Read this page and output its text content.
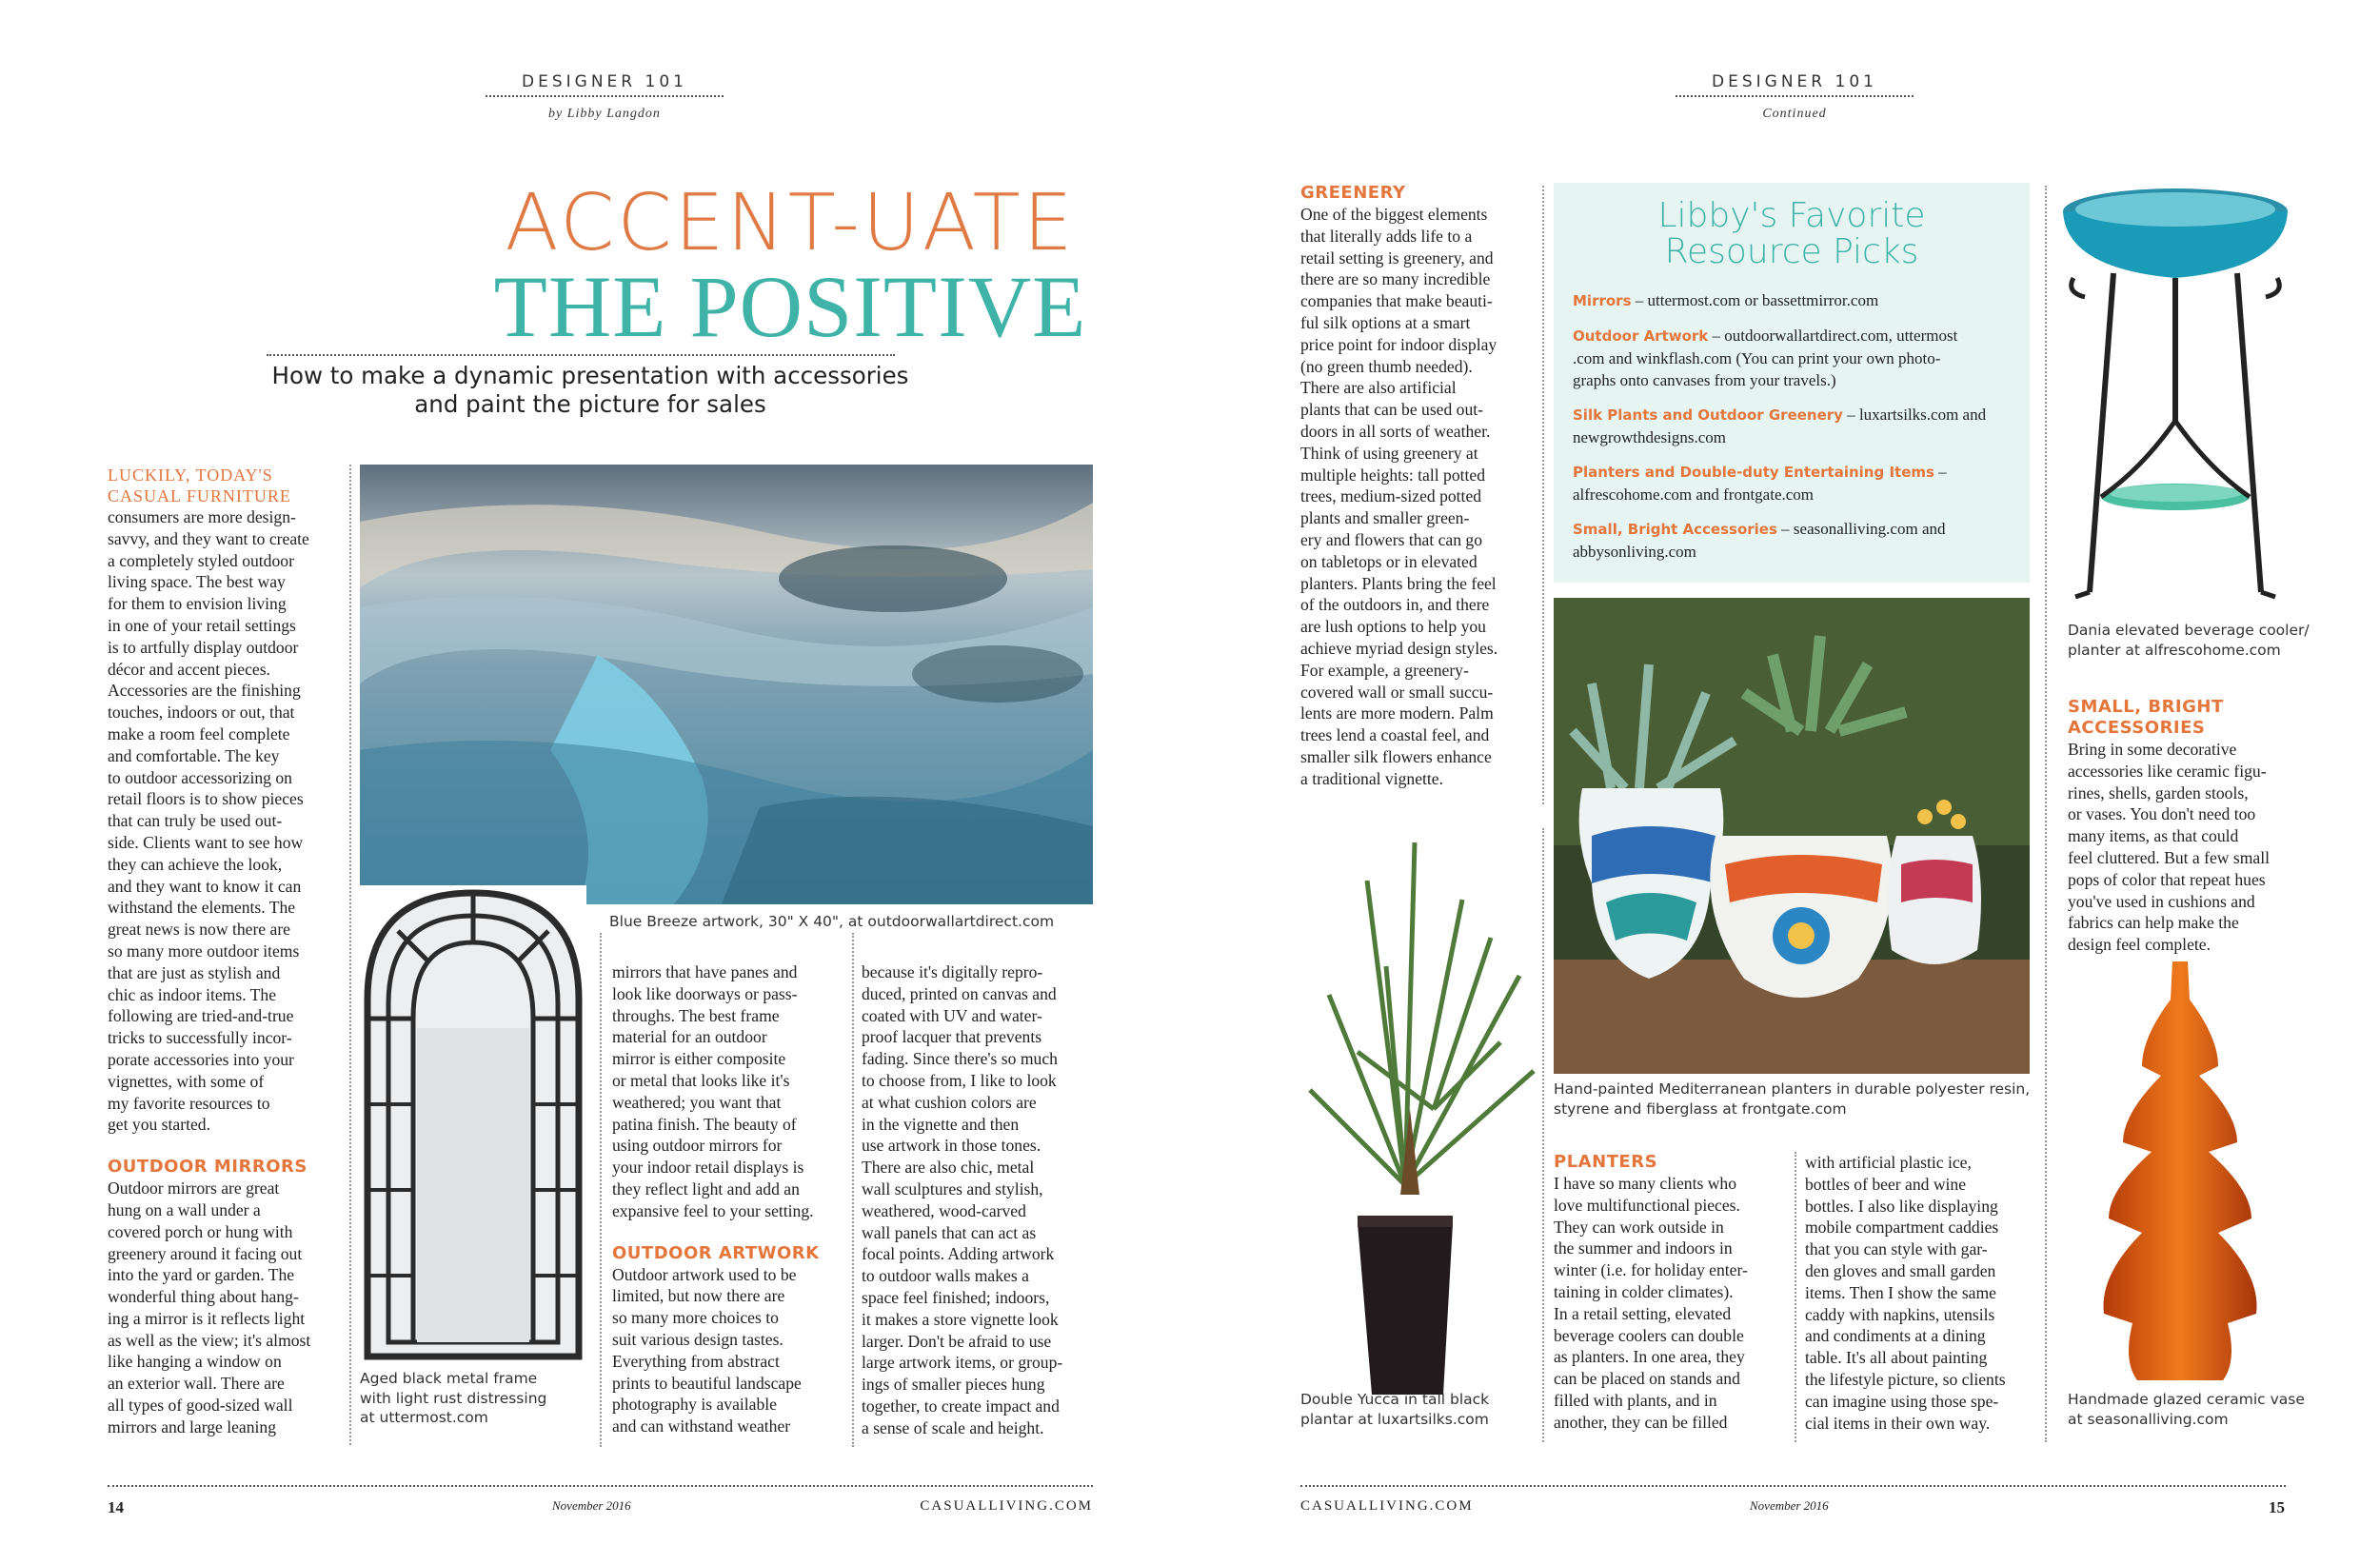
DESIGNER 101
by Libby Langdon
ACCENT-UATE
THE POSITIVE
How to make a dynamic presentation with accessories
and paint the picture for sales
LUCKILY, TODAY'S
CASUAL FURNITURE
consumers are more design-
savvy, and they want to create
a completely styled outdoor
living space. The best way
for them to envision living
in one of your retail settings
is to artfully display outdoor
décor and accent pieces.
Accessories are the finishing
touches, indoors or out, that
make a room feel complete
and comfortable. The key
to outdoor accessorizing on
retail floors is to show pieces
that can truly be used out-
side. Clients want to see how
they can achieve the look,
and they want to know it can
withstand the elements. The
great news is now there are
so many more outdoor items
that are just as stylish and
chic as indoor items. The
following are tried-and-true
tricks to successfully incor-
porate accessories into your
vignettes, with some of
my favorite resources to
get you started.
OUTDOOR MIRRORS
Outdoor mirrors are great
hung on a wall under a
covered porch or hung with
greenery around it facing out
into the yard or garden. The
wonderful thing about hang-
ing a mirror is it reflects light
as well as the view; it's almost
like hanging a window on
an exterior wall. There are
all types of good-sized wall
mirrors and large leaning
Blue Breeze artwork, 30" X 40", at outdoorwallartdirect.com
Aged black metal frame
with light rust distressing
at uttermost.com
mirrors that have panes and
look like doorways or pass-
throughs. The best frame
material for an outdoor
mirror is either composite
or metal that looks like it's
weathered; you want that
patina finish. The beauty of
using outdoor mirrors for
your indoor retail displays is
they reflect light and add an
expansive feel to your setting.
OUTDOOR ARTWORK
Outdoor artwork used to be
limited, but now there are
so many more choices to
suit various design tastes.
Everything from abstract
prints to beautiful landscape
photography is available
and can withstand weather
because it's digitally repro-
duced, printed on canvas and
coated with UV and water-
proof lacquer that prevents
fading. Since there's so much
to choose from, I like to look
at what cushion colors are
in the vignette and then
use artwork in those tones.
There are also chic, metal
wall sculptures and stylish,
weathered, wood-carved
wall panels that can act as
focal points. Adding artwork
to outdoor walls makes a
space feel finished; indoors,
it makes a store vignette look
larger. Don't be afraid to use
large artwork items, or group-
ings of smaller pieces hung
together, to create impact and
a sense of scale and height.
14	November 2016	CASUALLIVING.COM
DESIGNER 101
Continued
GREENERY
One of the biggest elements
that literally adds life to a
retail setting is greenery, and
there are so many incredible
companies that make beauti-
ful silk options at a smart
price point for indoor display
(no green thumb needed).
There are also artificial
plants that can be used out-
doors in all sorts of weather.
Think of using greenery at
multiple heights: tall potted
trees, medium-sized potted
plants and smaller green-
ery and flowers that can go
on tabletops or in elevated
planters. Plants bring the feel
of the outdoors in, and there
are lush options to help you
achieve myriad design styles.
For example, a greenery-
covered wall or small succu-
lents are more modern. Palm
trees lend a coastal feel, and
smaller silk flowers enhance
a traditional vignette.
Libby's Favorite
Resource Picks
Mirrors – uttermost.com or bassettmirror.com
Outdoor Artwork – outdoorwallartdirect.com, uttermost
.com and winkflash.com (You can print your own photo-
graphs onto canvases from your travels.)
Silk Plants and Outdoor Greenery – luxartsilks.com and
newgrowthdesigns.com
Planters and Double-duty Entertaining Items –
alfrescohome.com and frontgate.com
Small, Bright Accessories – seasonalliving.com and
abbysonliving.com
Dania elevated beverage cooler/
planter at alfrescohome.com
SMALL, BRIGHT
ACCESSORIES
Bring in some decorative
accessories like ceramic figu-
rines, shells, garden stools,
or vases. You don't need too
many items, as that could
feel cluttered. But a few small
pops of color that repeat hues
you've used in cushions and
fabrics can help make the
design feel complete.
Hand-painted Mediterranean planters in durable polyester resin,
styrene and fiberglass at frontgate.com
Double Yucca in tall black
plantar at luxartsilks.com
PLANTERS
I have so many clients who
love multifunctional pieces.
They can work outside in
the summer and indoors in
winter (i.e. for holiday enter-
taining in colder climates).
In a retail setting, elevated
beverage coolers can double
as planters. In one area, they
can be placed on stands and
filled with plants, and in
another, they can be filled
with artificial plastic ice,
bottles of beer and wine
bottles. I also like displaying
mobile compartment caddies
that you can style with gar-
den gloves and small garden
items. Then I show the same
caddy with napkins, utensils
and condiments at a dining
table. It's all about painting
the lifestyle picture, so clients
can imagine using those spe-
cial items in their own way.
Handmade glazed ceramic vase
at seasonalliving.com
CASUALLIVING.COM	November 2016	15
